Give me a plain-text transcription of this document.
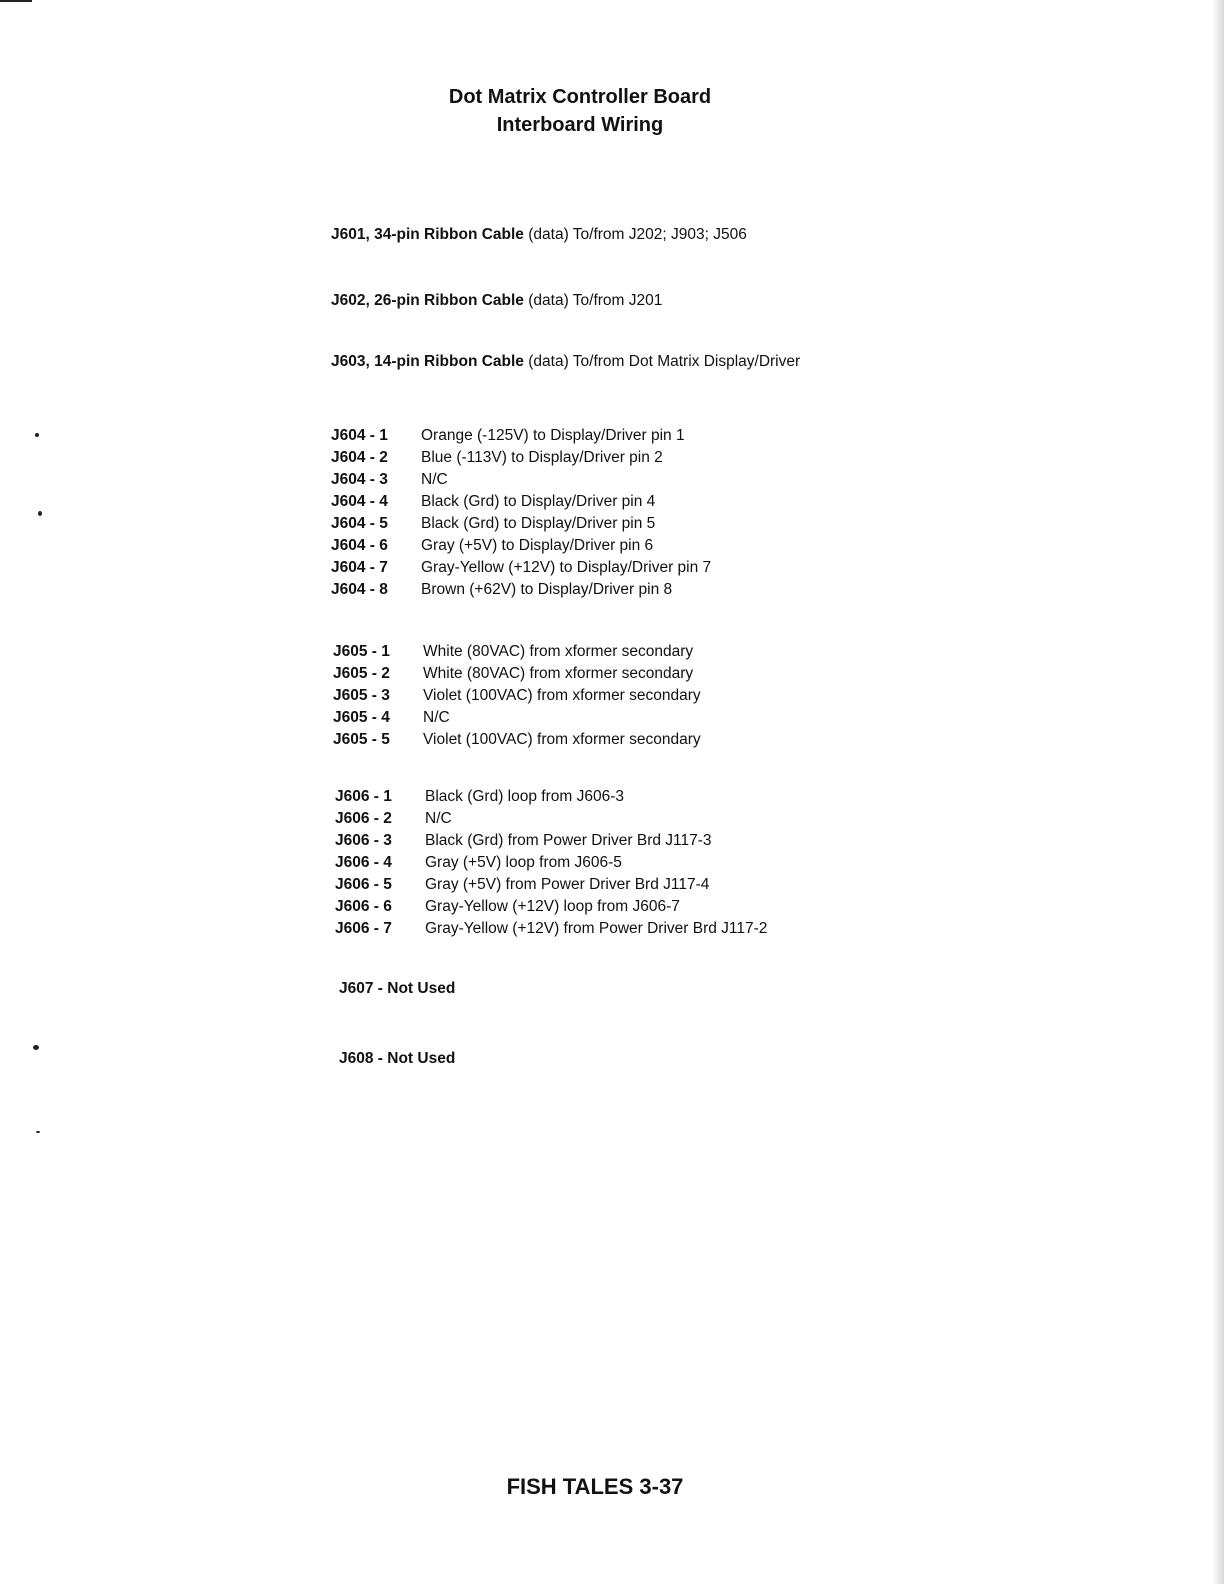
Dot Matrix Controller Board
Interboard Wiring
J601, 34-pin Ribbon Cable (data) To/from J202; J903; J506
J602, 26-pin Ribbon Cable (data) To/from J201
J603, 14-pin Ribbon Cable (data) To/from Dot Matrix Display/Driver
J604 - 1	Orange (-125V) to Display/Driver pin 1
J604 - 2	Blue (-113V) to Display/Driver pin 2
J604 - 3	N/C
J604 - 4	Black (Grd) to Display/Driver pin 4
J604 - 5	Black (Grd) to Display/Driver pin 5
J604 - 6	Gray (+5V) to Display/Driver pin 6
J604 - 7	Gray-Yellow (+12V) to Display/Driver pin 7
J604 - 8	Brown (+62V) to Display/Driver pin 8
J605 - 1	White (80VAC) from xformer secondary
J605 - 2	White (80VAC) from xformer secondary
J605 - 3	Violet (100VAC) from xformer secondary
J605 - 4	N/C
J605 - 5	Violet (100VAC) from xformer secondary
J606 - 1	Black (Grd) loop from J606-3
J606 - 2	N/C
J606 - 3	Black (Grd) from Power Driver Brd J117-3
J606 - 4	Gray (+5V) loop from J606-5
J606 - 5	Gray (+5V) from Power Driver Brd J117-4
J606 - 6	Gray-Yellow (+12V) loop from J606-7
J606 - 7	Gray-Yellow (+12V) from Power Driver Brd J117-2
J607 - Not Used
J608 - Not Used
FISH TALES 3-37
